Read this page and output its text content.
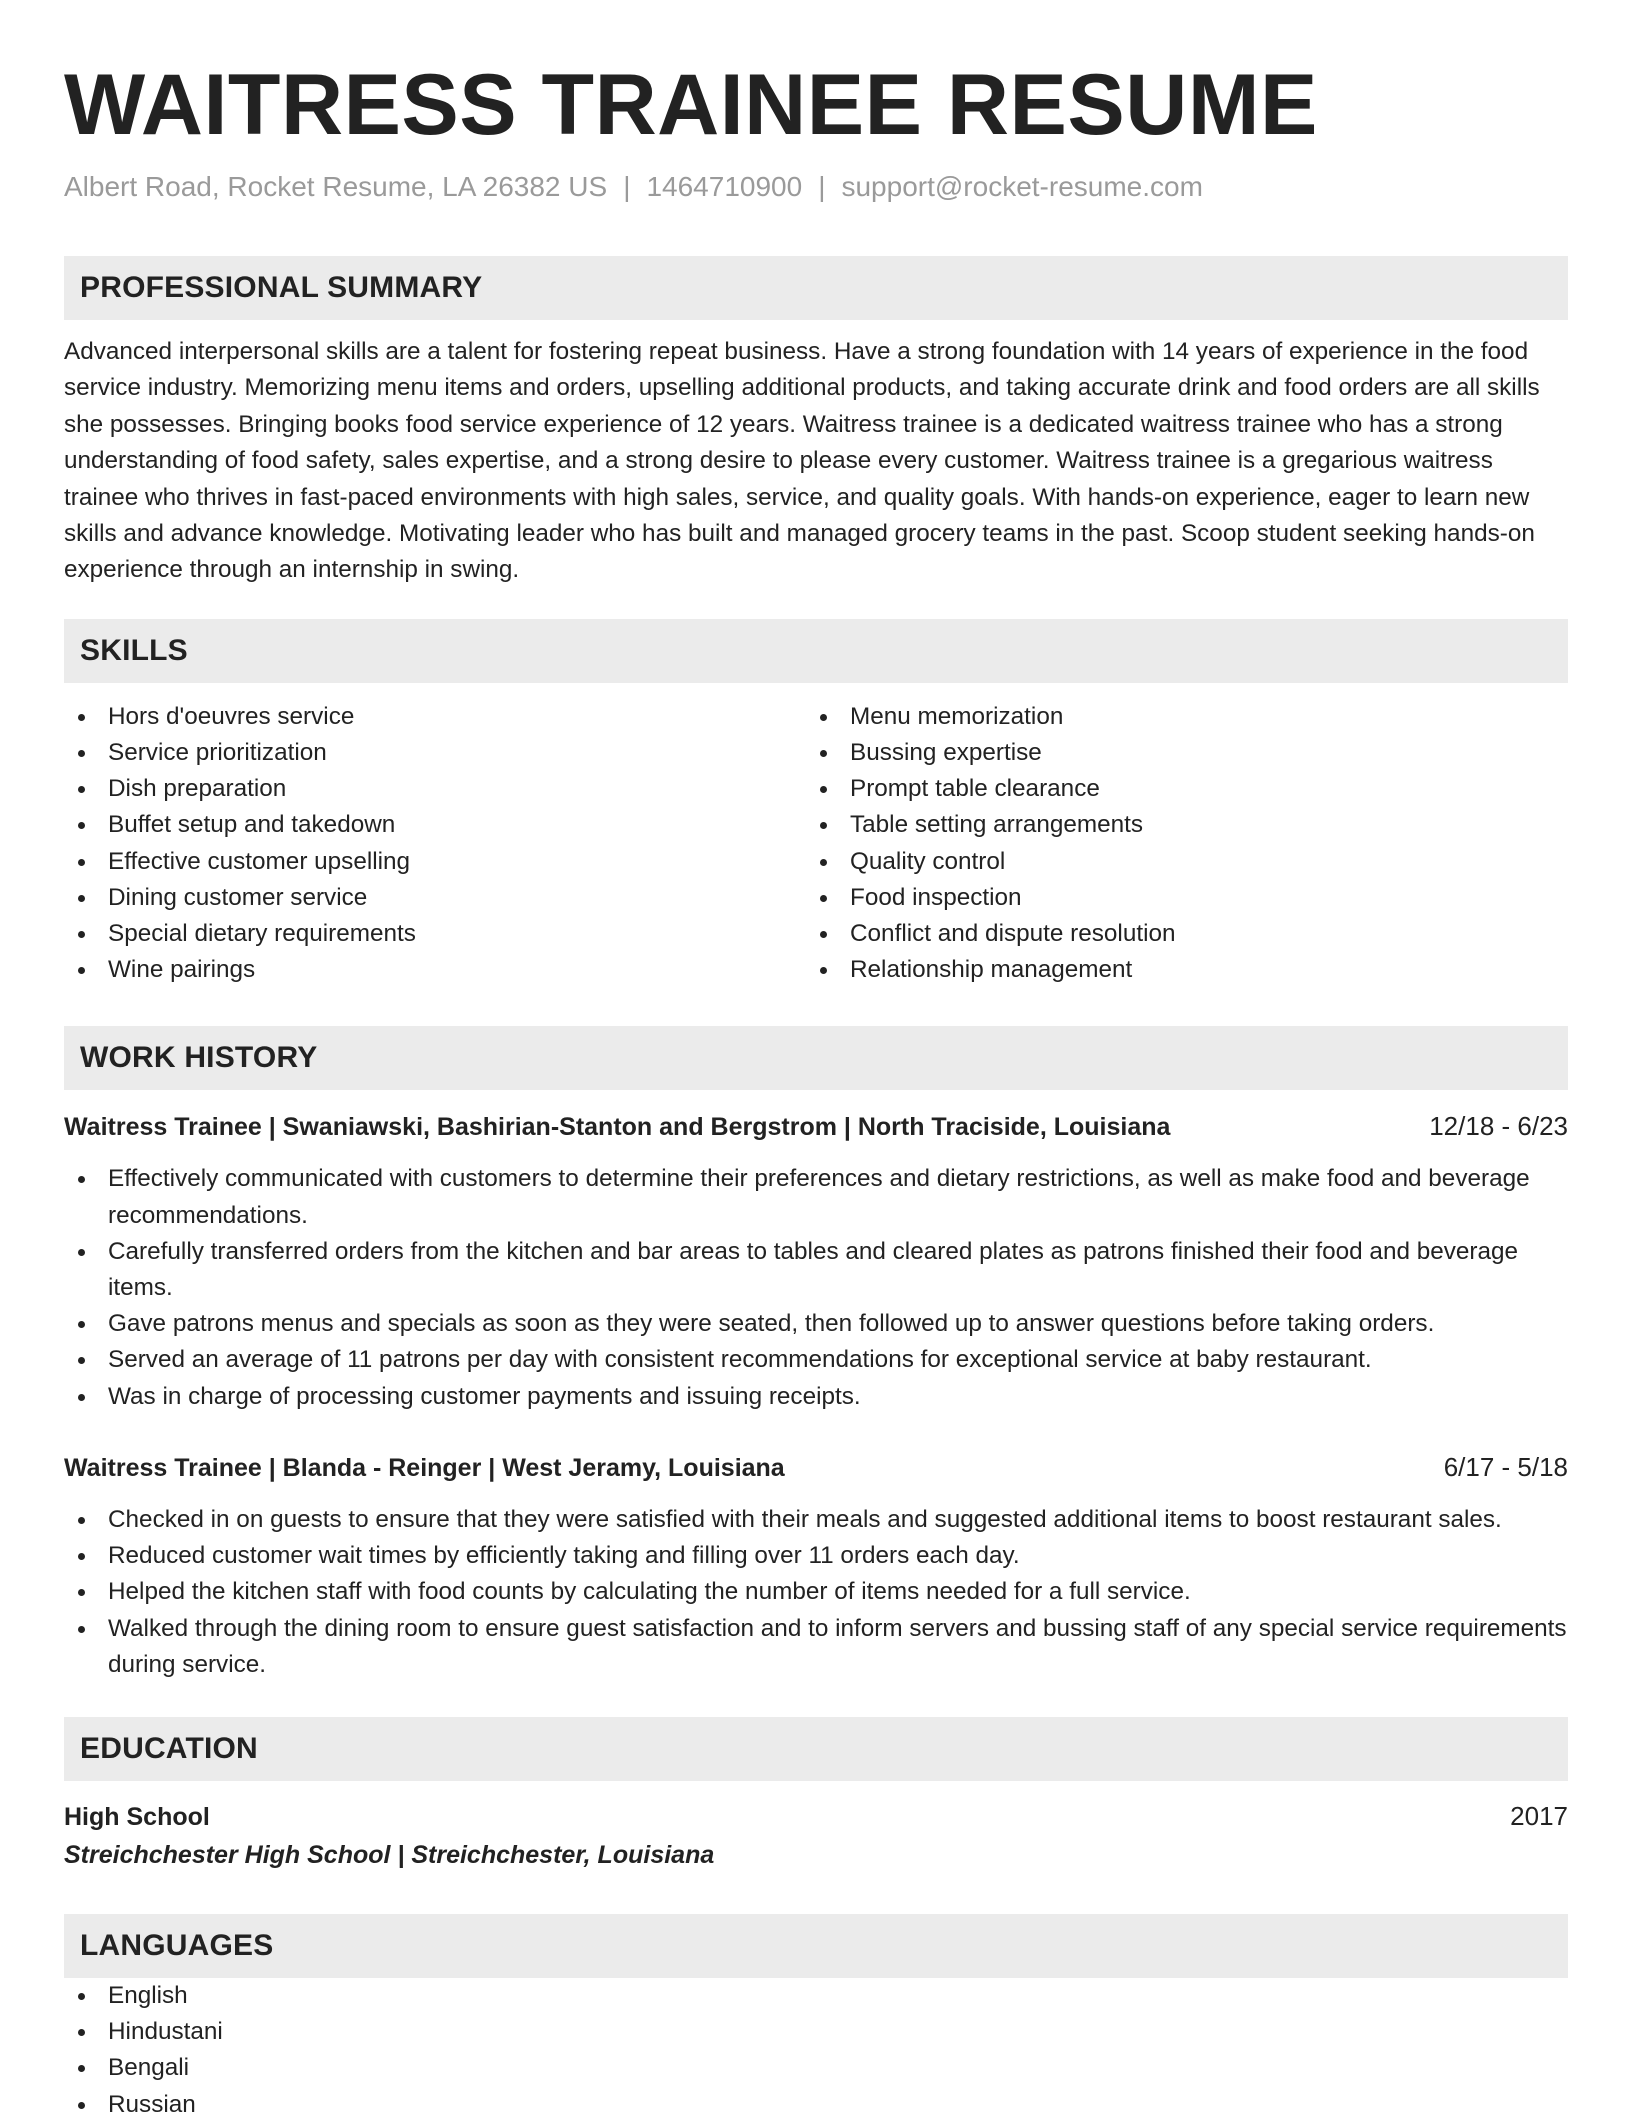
WAITRESS TRAINEE RESUME
Albert Road, Rocket Resume, LA 26382 US | 1464710900 | support@rocket-resume.com
PROFESSIONAL SUMMARY
Advanced interpersonal skills are a talent for fostering repeat business. Have a strong foundation with 14 years of experience in the food service industry. Memorizing menu items and orders, upselling additional products, and taking accurate drink and food orders are all skills she possesses. Bringing books food service experience of 12 years. Waitress trainee is a dedicated waitress trainee who has a strong understanding of food safety, sales expertise, and a strong desire to please every customer. Waitress trainee is a gregarious waitress trainee who thrives in fast-paced environments with high sales, service, and quality goals. With hands-on experience, eager to learn new skills and advance knowledge. Motivating leader who has built and managed grocery teams in the past. Scoop student seeking hands-on experience through an internship in swing.
SKILLS
Hors d'oeuvres service
Service prioritization
Dish preparation
Buffet setup and takedown
Effective customer upselling
Dining customer service
Special dietary requirements
Wine pairings
Menu memorization
Bussing expertise
Prompt table clearance
Table setting arrangements
Quality control
Food inspection
Conflict and dispute resolution
Relationship management
WORK HISTORY
Waitress Trainee | Swaniawski, Bashirian-Stanton and Bergstrom | North Traciside, Louisiana	12/18 - 6/23
Effectively communicated with customers to determine their preferences and dietary restrictions, as well as make food and beverage recommendations.
Carefully transferred orders from the kitchen and bar areas to tables and cleared plates as patrons finished their food and beverage items.
Gave patrons menus and specials as soon as they were seated, then followed up to answer questions before taking orders.
Served an average of 11 patrons per day with consistent recommendations for exceptional service at baby restaurant.
Was in charge of processing customer payments and issuing receipts.
Waitress Trainee | Blanda - Reinger | West Jeramy, Louisiana	6/17 - 5/18
Checked in on guests to ensure that they were satisfied with their meals and suggested additional items to boost restaurant sales.
Reduced customer wait times by efficiently taking and filling over 11 orders each day.
Helped the kitchen staff with food counts by calculating the number of items needed for a full service.
Walked through the dining room to ensure guest satisfaction and to inform servers and bussing staff of any special service requirements during service.
EDUCATION
High School	2017
Streichchester High School | Streichchester, Louisiana
LANGUAGES
English
Hindustani
Bengali
Russian
